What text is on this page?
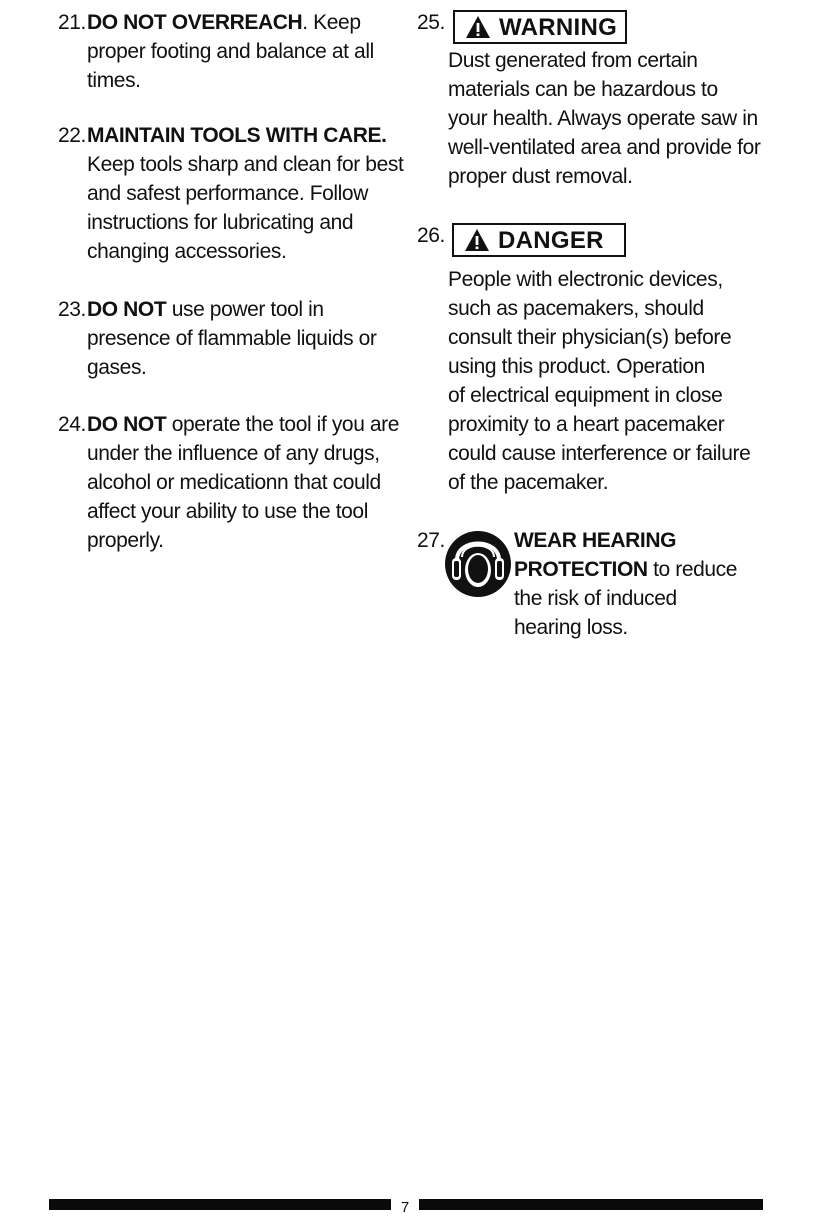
21. DO NOT OVERREACH. Keep
proper footing and balance at all
times.
22. MAINTAIN TOOLS WITH CARE.
Keep tools sharp and clean for best
and safest performance. Follow
instructions for lubricating and
changing accessories.
23. DO NOT use power tool in
presence of flammable liquids or
gases.
24. DO NOT operate the tool if you are
under the influence of any drugs,
alcohol or medicationn that could
affect your ability to use the tool
properly.
25. WARNING
Dust generated from certain
materials can be hazardous to
your health. Always operate saw in
well-ventilated area and provide for
proper dust removal.
26. DANGER
People with electronic devices,
such as pacemakers, should
consult their physician(s) before
using this product. Operation
of electrical equipment in close
proximity to a heart pacemaker
could cause interference or failure
of the pacemaker.
27.	WEAR HEARING
PROTECTION to reduce
the risk of induced
hearing loss.
7
